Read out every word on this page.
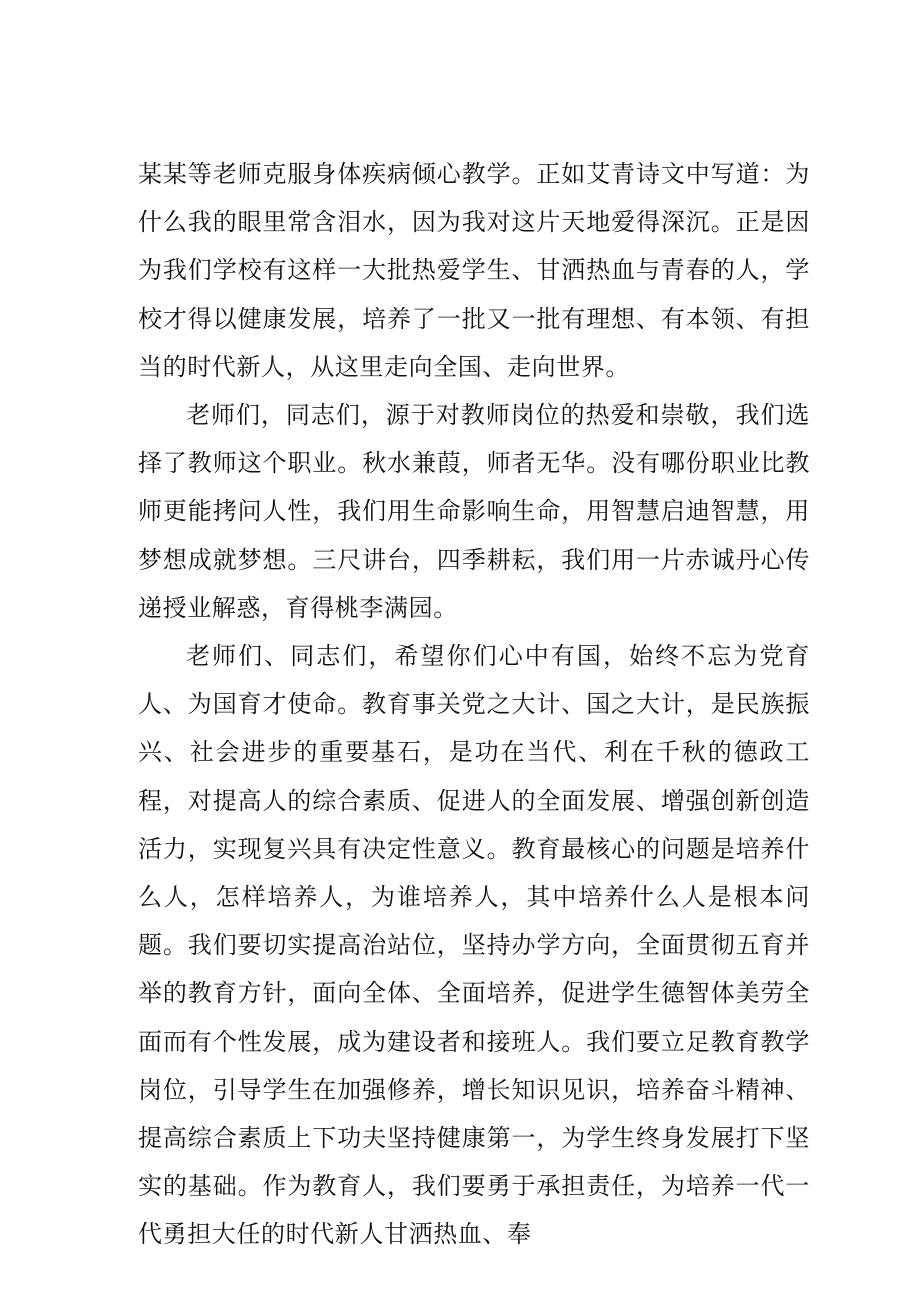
某某等老师克服身体疾病倾心教学。正如艾青诗文中写道：为什么我的眼里常含泪水，因为我对这片天地爱得深沉。正是因为我们学校有这样一大批热爱学生、甘洒热血与青春的人，学校才得以健康发展，培养了一批又一批有理想、有本领、有担当的时代新人，从这里走向全国、走向世界。

老师们，同志们，源于对教师岗位的热爱和崇敬，我们选择了教师这个职业。秋水兼葭，师者无华。没有哪份职业比教师更能拷问人性，我们用生命影响生命，用智慧启迪智慧，用梦想成就梦想。三尺讲台，四季耕耘，我们用一片赤诚丹心传递授业解惑，育得桃李满园。

老师们、同志们，希望你们心中有国，始终不忘为党育人、为国育才使命。教育事关党之大计、国之大计，是民族振兴、社会进步的重要基石，是功在当代、利在千秋的德政工程，对提高人的综合素质、促进人的全面发展、增强创新创造活力，实现复兴具有决定性意义。教育最核心的问题是培养什么人，怎样培养人，为谁培养人，其中培养什么人是根本问题。我们要切实提高治站位，坚持办学方向，全面贯彻五育并举的教育方针，面向全体、全面培养，促进学生德智体美劳全面而有个性发展，成为建设者和接班人。我们要立足教育教学岗位，引导学生在加强修养，增长知识见识，培养奋斗精神、提高综合素质上下功夫坚持健康第一，为学生终身发展打下坚实的基础。作为教育人，我们要勇于承担责任，为培养一代一代勇担大任的时代新人甘洒热血、奉
